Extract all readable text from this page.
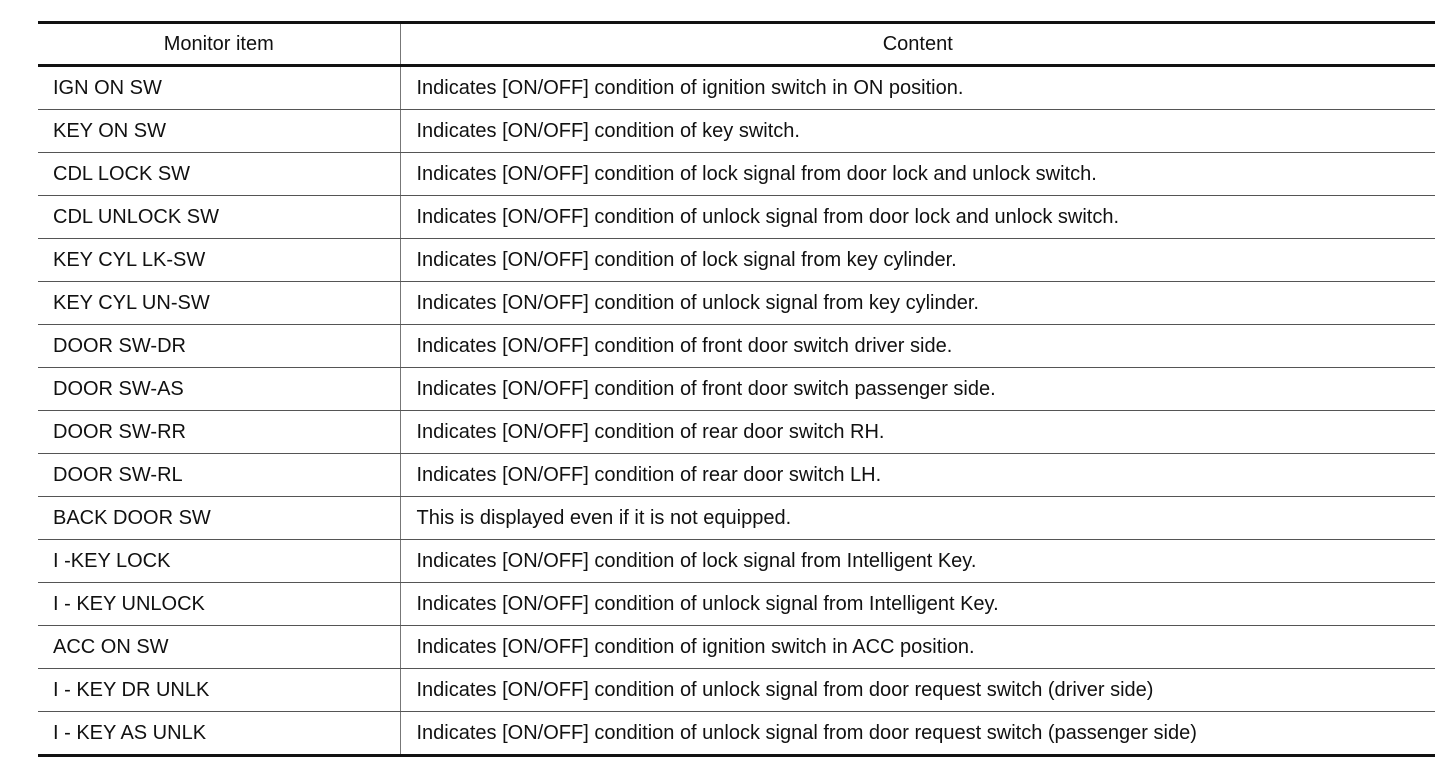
Monitor item	Content
IGN ON SW	Indicates [ON/OFF] condition of ignition switch in ON position.
KEY ON SW	Indicates [ON/OFF] condition of key switch.
CDL LOCK SW	Indicates [ON/OFF] condition of lock signal from door lock and unlock switch.
CDL UNLOCK SW	Indicates [ON/OFF] condition of unlock signal from door lock and unlock switch.
KEY CYL LK-SW	Indicates [ON/OFF] condition of lock signal from key cylinder.
KEY CYL UN-SW	Indicates [ON/OFF] condition of unlock signal from key cylinder.
DOOR SW-DR	Indicates [ON/OFF] condition of front door switch driver side.
DOOR SW-AS	Indicates [ON/OFF] condition of front door switch passenger side.
DOOR SW-RR	Indicates [ON/OFF] condition of rear door switch RH.
DOOR SW-RL	Indicates [ON/OFF] condition of rear door switch LH.
BACK DOOR SW	This is displayed even if it is not equipped.
I -KEY LOCK	Indicates [ON/OFF] condition of lock signal from Intelligent Key.
I - KEY UNLOCK	Indicates [ON/OFF] condition of unlock signal from Intelligent Key.
ACC ON SW	Indicates [ON/OFF] condition of ignition switch in ACC position.
I - KEY DR UNLK	Indicates [ON/OFF] condition of unlock signal from door request switch (driver side)
I - KEY AS UNLK	Indicates [ON/OFF] condition of unlock signal from door request switch (passenger side)
